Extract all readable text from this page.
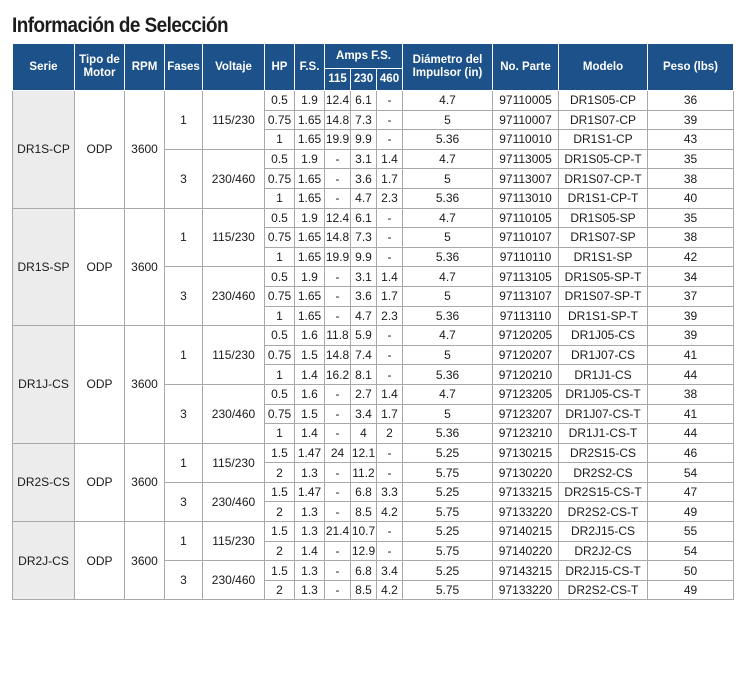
Información de Selección
Serie	Tipo de Motor	RPM	Fases	Voltaje	HP	F.S.	Amps F.S.			Diámetro del Impulsor (in)	No. Parte	Modelo	Peso (lbs)
							115	230	460				
DR1S-CP	ODP	3600	1	115/230	0.5	1.9	12.4	6.1	-	4.7	97110005	DR1S05-CP	36
					0.75	1.65	14.8	7.3	-	5	97110007	DR1S07-CP	39
					1	1.65	19.9	9.9	-	5.36	97110010	DR1S1-CP	43
			3	230/460	0.5	1.9	-	3.1	1.4	4.7	97113005	DR1S05-CP-T	35
					0.75	1.65	-	3.6	1.7	5	97113007	DR1S07-CP-T	38
					1	1.65	-	4.7	2.3	5.36	97113010	DR1S1-CP-T	40
DR1S-SP	ODP	3600	1	115/230	0.5	1.9	12.4	6.1	-	4.7	97110105	DR1S05-SP	35
					0.75	1.65	14.8	7.3	-	5	97110107	DR1S07-SP	38
					1	1.65	19.9	9.9	-	5.36	97110110	DR1S1-SP	42
			3	230/460	0.5	1.9	-	3.1	1.4	4.7	97113105	DR1S05-SP-T	34
					0.75	1.65	-	3.6	1.7	5	97113107	DR1S07-SP-T	37
					1	1.65	-	4.7	2.3	5.36	97113110	DR1S1-SP-T	39
DR1J-CS	ODP	3600	1	115/230	0.5	1.6	11.8	5.9	-	4.7	97120205	DR1J05-CS	39
					0.75	1.5	14.8	7.4	-	5	97120207	DR1J07-CS	41
					1	1.4	16.2	8.1	-	5.36	97120210	DR1J1-CS	44
			3	230/460	0.5	1.6	-	2.7	1.4	4.7	97123205	DR1J05-CS-T	38
					0.75	1.5	-	3.4	1.7	5	97123207	DR1J07-CS-T	41
					1	1.4	-	4	2	5.36	97123210	DR1J1-CS-T	44
DR2S-CS	ODP	3600	1	115/230	1.5	1.47	24	12.1	-	5.25	97130215	DR2S15-CS	46
					2	1.3	-	11.2	-	5.75	97130220	DR2S2-CS	54
			3	230/460	1.5	1.47	-	6.8	3.3	5.25	97133215	DR2S15-CS-T	47
					2	1.3	-	8.5	4.2	5.75	97133220	DR2S2-CS-T	49
DR2J-CS	ODP	3600	1	115/230	1.5	1.3	21.4	10.7	-	5.25	97140215	DR2J15-CS	55
					2	1.4	-	12.9	-	5.75	97140220	DR2J2-CS	54
			3	230/460	1.5	1.3	-	6.8	3.4	5.25	97143215	DR2J15-CS-T	50
					2	1.3	-	8.5	4.2	5.75	97133220	DR2S2-CS-T	49
